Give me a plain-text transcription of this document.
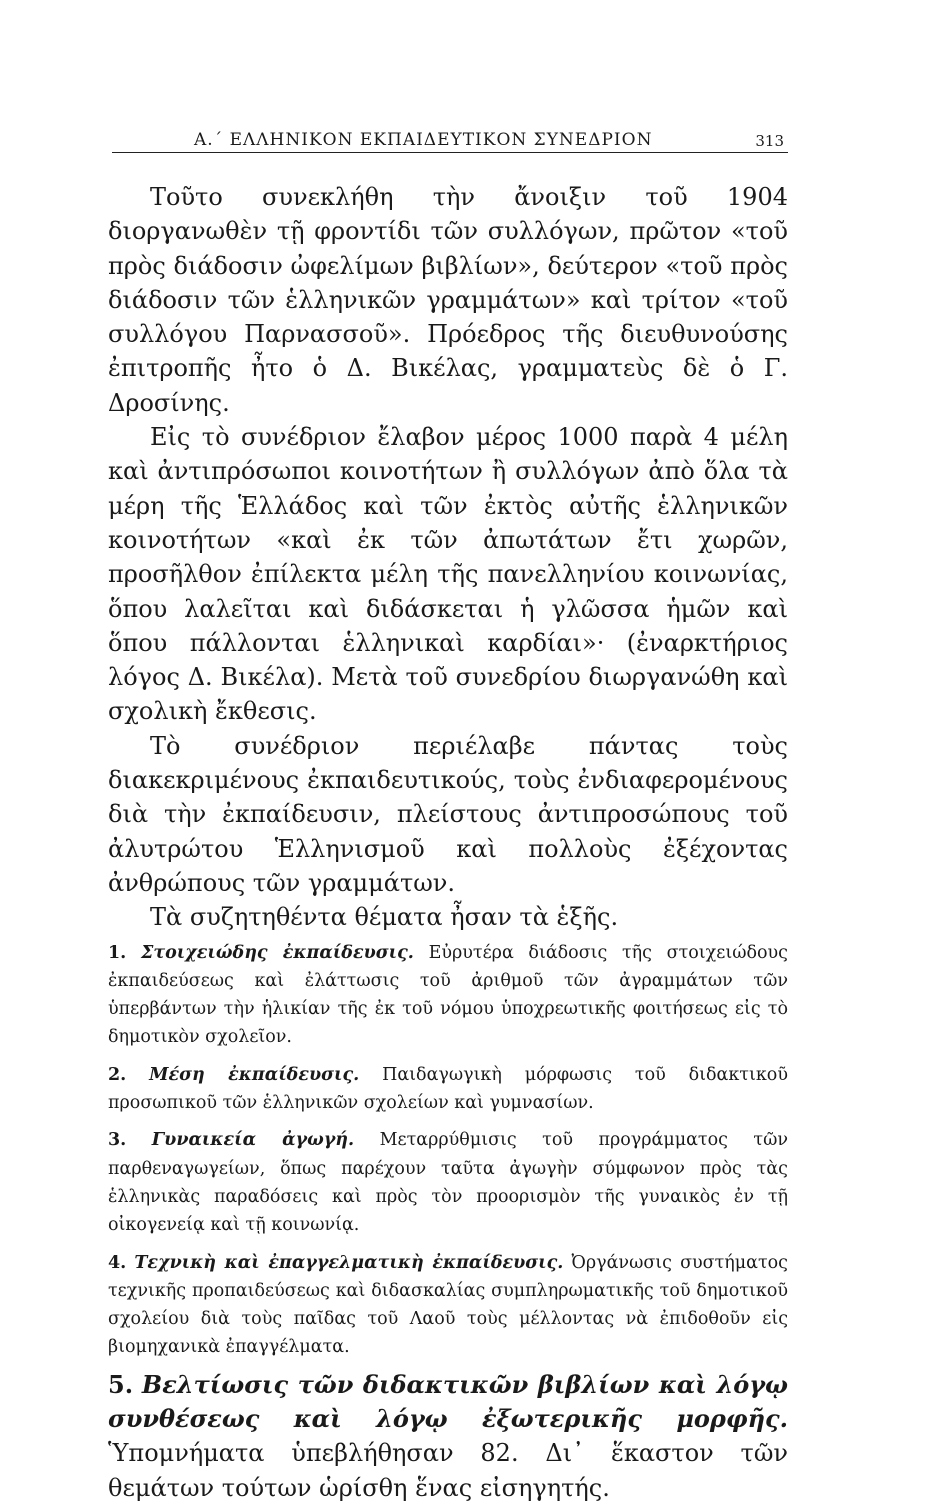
Α.΄ ΕΛΛΗΝΙΚΟΝ ΕΚΠΑΙΔΕΥΤΙΚΟΝ ΣΥΝΕΔΡΙΟΝ	313

Τοῦτο συνεκλήθη τὴν ἄνοιξιν τοῦ 1904 διοργανωθὲν τῇ φροντίδι τῶν συλλόγων, πρῶτον «τοῦ πρὸς διάδοσιν ὠφελίμων βιβλίων», δεύτερον «τοῦ πρὸς διάδοσιν τῶν ἑλληνικῶν γραμμάτων» καὶ τρίτον «τοῦ συλλόγου Παρνασσοῦ». Πρόεδρος τῆς διευθυνούσης ἐπιτροπῆς ἦτο ὁ Δ. Βικέλας, γραμματεὺς δὲ ὁ Γ. Δροσίνης.

Εἰς τὸ συνέδριον ἔλαβον μέρος 1000 παρὰ 4 μέλη καὶ ἀντιπρόσωποι κοινοτήτων ἢ συλλόγων ἀπὸ ὅλα τὰ μέρη τῆς Ἑλλάδος καὶ τῶν ἐκτὸς αὐτῆς ἑλληνικῶν κοινοτήτων «καὶ ἐκ τῶν ἀπωτάτων ἔτι χωρῶν, προσῆλθον ἐπίλεκτα μέλη τῆς πανελληνίου κοινωνίας, ὅπου λαλεῖται καὶ διδάσκεται ἡ γλῶσσα ἡμῶν καὶ ὅπου πάλλονται ἑλληνικαὶ καρδίαι»· (ἐναρκτήριος λόγος Δ. Βικέλα). Μετὰ τοῦ συνεδρίου διωργανώθη καὶ σχολικὴ ἔκθεσις.

Τὸ συνέδριον περιέλαβε πάντας τοὺς διακεκριμένους ἐκπαιδευτικούς, τοὺς ἐνδιαφερομένους διὰ τὴν ἐκπαίδευσιν, πλείστους ἀντιπροσώπους τοῦ ἀλυτρώτου Ἑλληνισμοῦ καὶ πολλοὺς ἐξέχοντας ἀνθρώπους τῶν γραμμάτων.

Τὰ συζητηθέντα θέματα ἦσαν τὰ ἑξῆς.

1. Στοιχειώδης ἐκπαίδευσις. Εὐρυτέρα διάδοσις τῆς στοιχειώδους ἐκπαιδεύσεως καὶ ἐλάττωσις τοῦ ἀριθμοῦ τῶν ἀγραμμάτων τῶν ὑπερβάντων τὴν ἡλικίαν τῆς ἐκ τοῦ νόμου ὑποχρεωτικῆς φοιτήσεως εἰς τὸ δημοτικὸν σχολεῖον.

2. Μέση ἐκπαίδευσις. Παιδαγωγικὴ μόρφωσις τοῦ διδακτικοῦ προσωπικοῦ τῶν ἑλληνικῶν σχολείων καὶ γυμνασίων.

3. Γυναικεία ἀγωγή. Μεταρρύθμισις τοῦ προγράμματος τῶν παρθεναγωγείων, ὅπως παρέχουν ταῦτα ἀγωγὴν σύμφωνον πρὸς τὰς ἑλληνικὰς παραδόσεις καὶ πρὸς τὸν προορισμὸν τῆς γυναικὸς ἐν τῇ οἰκογενείᾳ καὶ τῇ κοινωνίᾳ.

4. Τεχνικὴ καὶ ἐπαγγελματικὴ ἐκπαίδευσις. Ὀργάνωσις συστήματος τεχνικῆς προπαιδεύσεως καὶ διδασκαλίας συμπληρωματικῆς τοῦ δημοτικοῦ σχολείου διὰ τοὺς παῖδας τοῦ Λαοῦ τοὺς μέλλοντας νὰ ἐπιδοθοῦν εἰς βιομηχανικὰ ἐπαγγέλματα.

5. Βελτίωσις τῶν διδακτικῶν βιβλίων καὶ λόγῳ συνθέσεως καὶ λόγῳ ἐξωτερικῆς μορφῆς. Ὑπομνήματα ὑπεβλήθησαν 82. Δι᾽ ἕκαστον τῶν θεμάτων τούτων ὡρίσθη ἕνας εἰσηγητής.
